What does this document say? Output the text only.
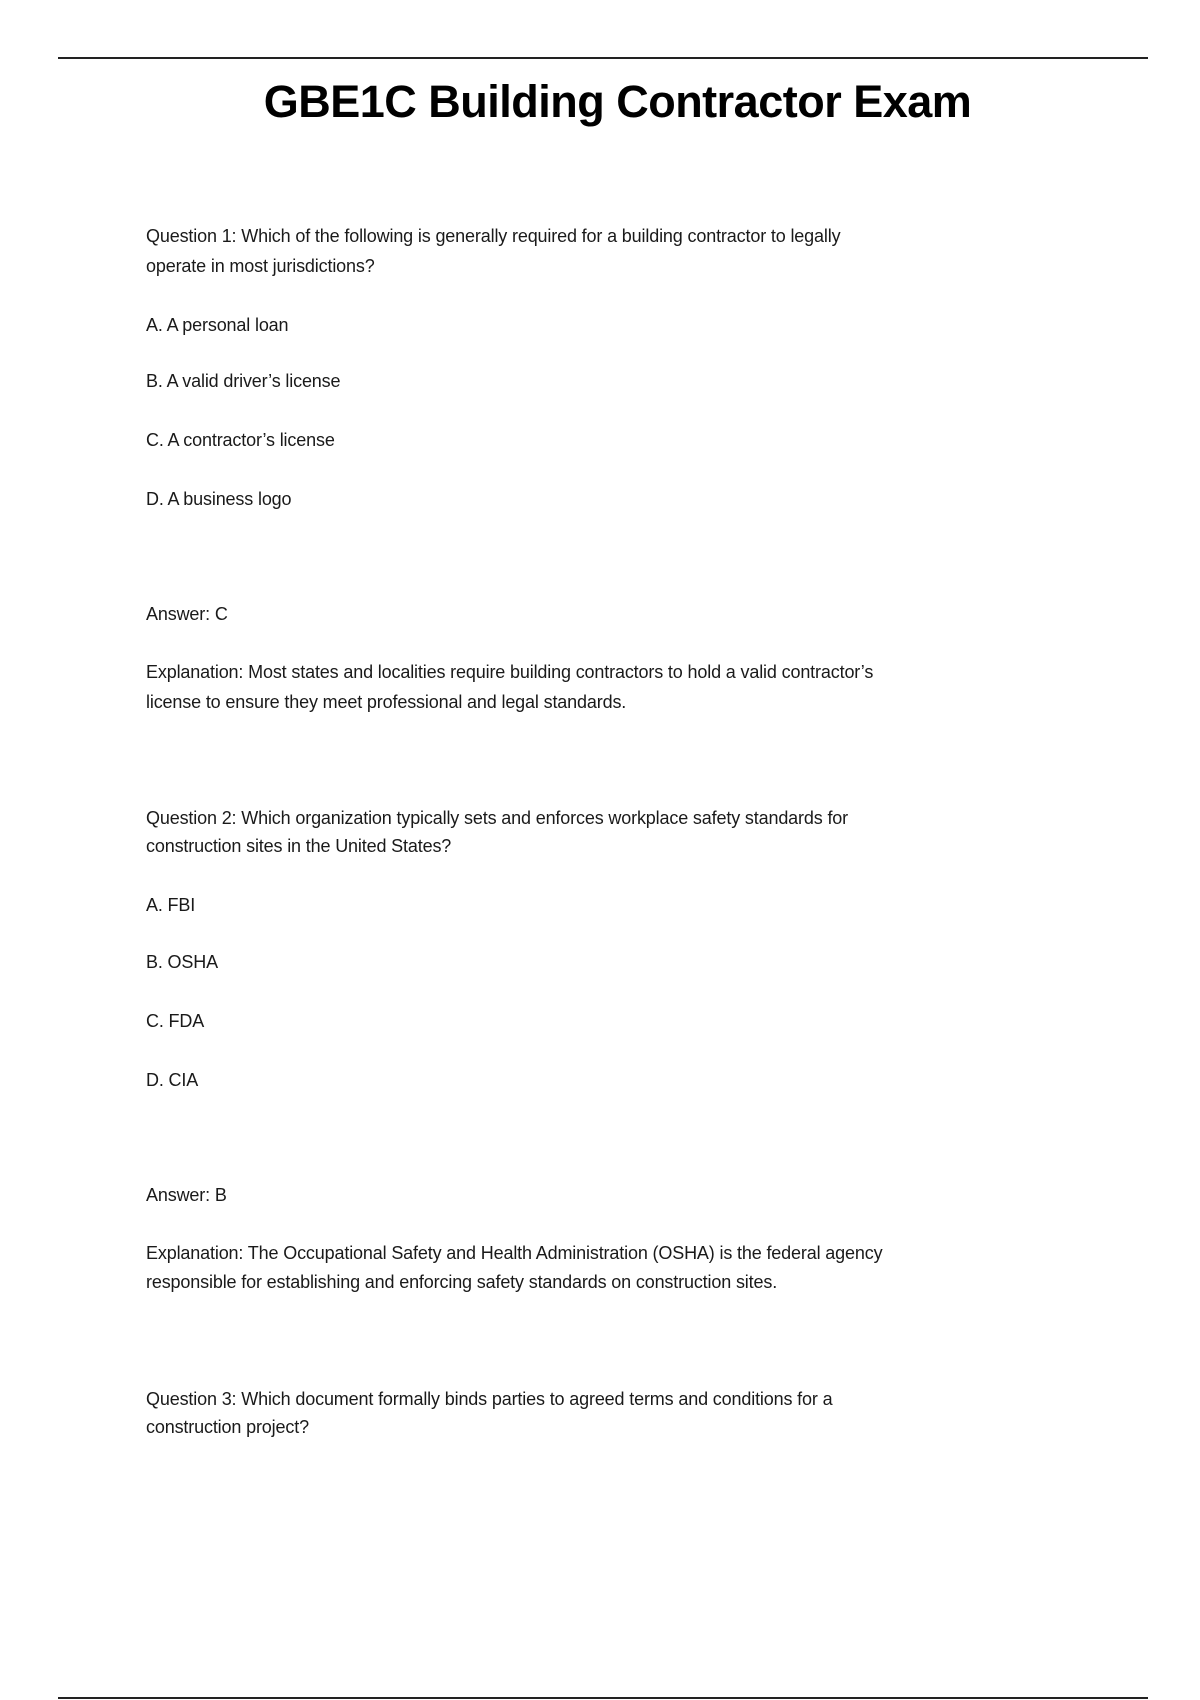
GBE1C Building Contractor Exam
Question 1: Which of the following is generally required for a building contractor to legally
operate in most jurisdictions?
A. A personal loan
B. A valid driver’s license
C. A contractor’s license
D. A business logo
Answer: C
Explanation: Most states and localities require building contractors to hold a valid contractor’s
license to ensure they meet professional and legal standards.
Question 2: Which organization typically sets and enforces workplace safety standards for
construction sites in the United States?
A. FBI
B. OSHA
C. FDA
D. CIA
Answer: B
Explanation: The Occupational Safety and Health Administration (OSHA) is the federal agency
responsible for establishing and enforcing safety standards on construction sites.
Question 3: Which document formally binds parties to agreed terms and conditions for a
construction project?
